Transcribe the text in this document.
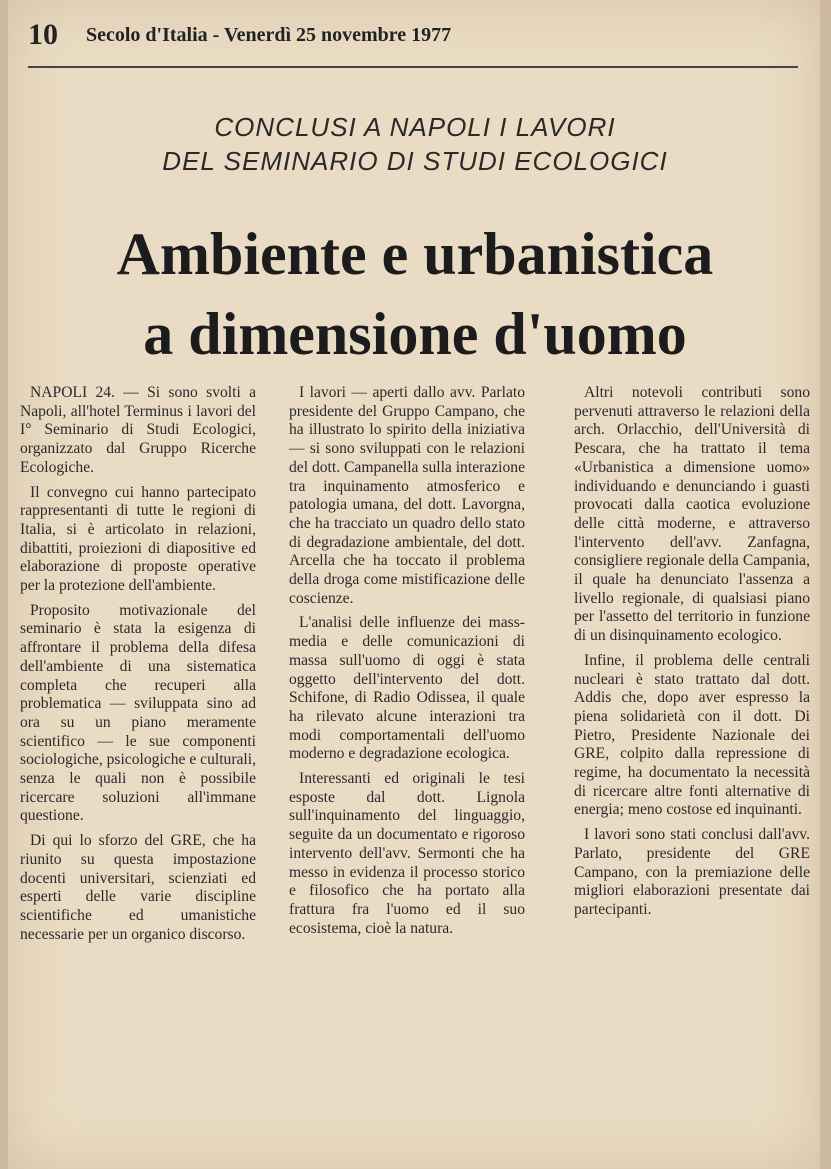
10 Secolo d'Italia - Venerdì 25 novembre 1977
CONCLUSI A NAPOLI I LAVORI
DEL SEMINARIO DI STUDI ECOLOGICI
Ambiente e urbanistica
a dimensione d'uomo

NAPOLI 24. — Si sono svolti a Napoli, all'hotel Terminus i lavori del I° Seminario di Studi Ecologici, organizzato dal Gruppo Ricerche Ecologiche.

Il convegno cui hanno partecipato rappresentanti di tutte le regioni di Italia, si è articolato in relazioni, dibattiti, proiezioni di diapositive ed elaborazione di proposte operative per la protezione dell'ambiente.

Proposito motivazionale del seminario è stata la esigenza di affrontare il problema della difesa dell'ambiente di una sistematica completa che recuperi alla problematica — sviluppata sino ad ora su un piano meramente scientifico — le sue componenti sociologiche, psicologiche e culturali, senza le quali non è possibile ricercare soluzioni all'immane questione.

Di qui lo sforzo del GRE, che ha riunito su questa impostazione docenti universitari, scienziati ed esperti delle varie discipline scientifiche ed umanistiche necessarie per un organico discorso.

I lavori — aperti dallo avv. Parlato presidente del Gruppo Campano, che ha illustrato lo spirito della iniziativa — si sono sviluppati con le relazioni del dott. Campanella sulla interazione tra inquinamento atmosferico e patologia umana, del dott. Lavorgna, che ha tracciato un quadro dello stato di degradazione ambientale, del dott. Arcella che ha toccato il problema della droga come mistificazione delle coscienze.

L'analisi delle influenze dei mass-media e delle comunicazioni di massa sull'uomo di oggi è stata oggetto dell'intervento del dott. Schifone, di Radio Odissea, il quale ha rilevato alcune interazioni tra modi comportamentali dell'uomo moderno e degradazione ecologica.

Interessanti ed originali le tesi esposte dal dott. Lignola sull'inquinamento del linguaggio, seguite da un documentato e rigoroso intervento dell'avv. Sermonti che ha messo in evidenza il processo storico e filosofico che ha portato alla frattura fra l'uomo ed il suo ecosistema, cioè la natura.

Altri notevoli contributi sono pervenuti attraverso le relazioni della arch. Orlacchio, dell'Università di Pescara, che ha trattato il tema «Urbanistica a dimensione uomo» individuando e denunciando i guasti provocati dalla caotica evoluzione delle città moderne, e attraverso l'intervento dell'avv. Zanfagna, consigliere regionale della Campania, il quale ha denunciato l'assenza a livello regionale, di qualsiasi piano per l'assetto del territorio in funzione di un disinquinamento ecologico.

Infine, il problema delle centrali nucleari è stato trattato dal dott. Addis che, dopo aver espresso la piena solidarietà con il dott. Di Pietro, Presidente Nazionale dei GRE, colpito dalla repressione di regime, ha documentato la necessità di ricercare altre fonti alternative di energia; meno costose ed inquinanti.

I lavori sono stati conclusi dall'avv. Parlato, presidente del GRE Campano, con la premiazione delle migliori elaborazioni presentate dai partecipanti.
